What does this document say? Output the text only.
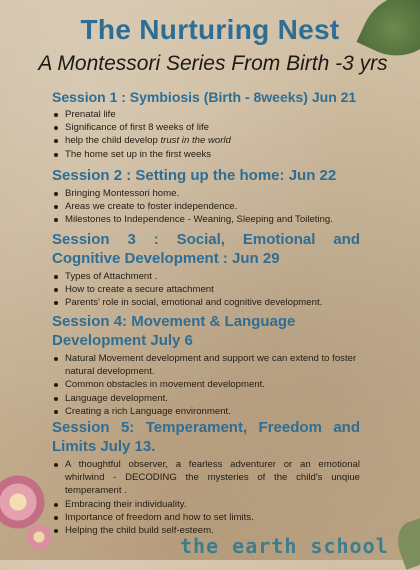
The Nurturing Nest
A Montessori Series From Birth -3 yrs
Session 1 : Symbiosis (Birth - 8weeks) Jun 21
Prenatal life
Significance of first 8 weeks of life
help the child develop trust in the world
The home set up in the first weeks
Session 2 : Setting up the home: Jun 22
Bringing Montessori home.
Areas we create to foster independence.
Milestones to Independence - Weaning, Sleeping and Toileting.
Session 3 : Social, Emotional and Cognitive Development : Jun 29
Types of Attachment .
How to create a secure attachment
Parents' role in social, emotional and cognitive development.
Session 4: Movement & Language Development July 6
Natural Movement development and support we can extend to foster natural development.
Common obstacles in movement development.
Language development.
Creating a rich Language environment.
Session 5: Temperament, Freedom and Limits July 13.
A thoughtful observer, a fearless adventurer or an emotional whirlwind - DECODING the mysteries of the child's unqiue temperament .
Embracing their individuality.
Importance of freedom and how to set limits.
Helping the child build self-esteem.
the earth school
